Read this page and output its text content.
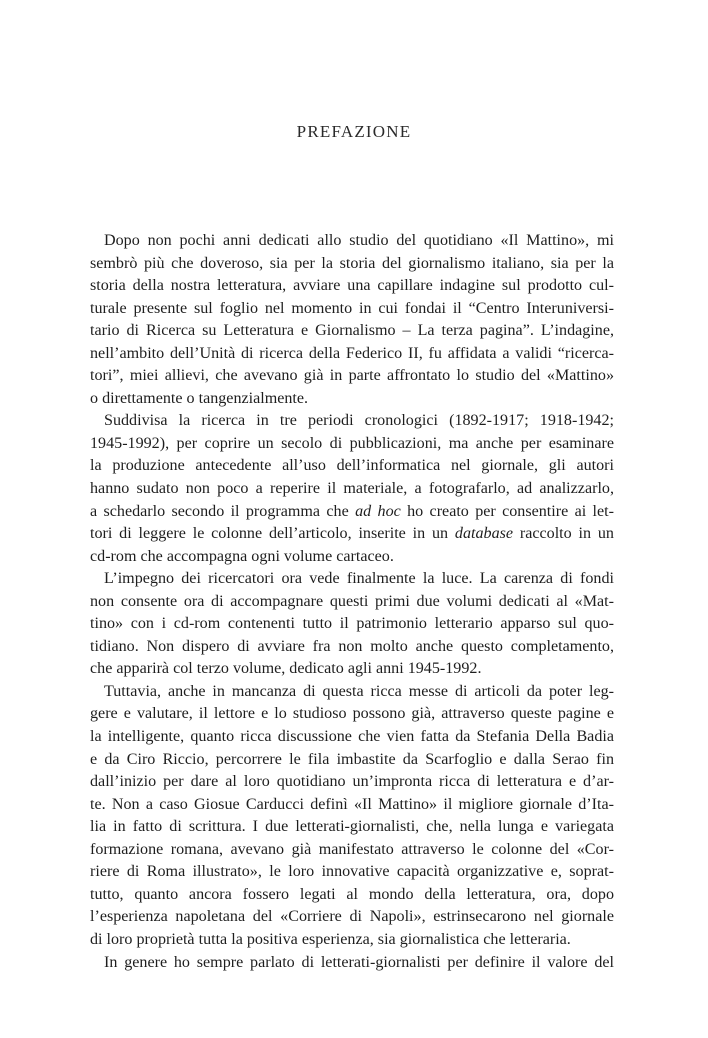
PREFAZIONE
Dopo non pochi anni dedicati allo studio del quotidiano «Il Mattino», mi
sembrò più che doveroso, sia per la storia del giornalismo italiano, sia per la
storia della nostra letteratura, avviare una capillare indagine sul prodotto cul-
turale presente sul foglio nel momento in cui fondai il “Centro Interuniversi-
tario di Ricerca su Letteratura e Giornalismo – La terza pagina”. L’indagine,
nell’ambito dell’Unità di ricerca della Federico II, fu affidata a validi “ricerca-
tori”, miei allievi, che avevano già in parte affrontato lo studio del «Mattino»
o direttamente o tangenzialmente.
Suddivisa la ricerca in tre periodi cronologici (1892-1917; 1918-1942;
1945-1992), per coprire un secolo di pubblicazioni, ma anche per esaminare
la produzione antecedente all’uso dell’informatica nel giornale, gli autori
hanno sudato non poco a reperire il materiale, a fotografarlo, ad analizzarlo,
a schedarlo secondo il programma che ad hoc ho creato per consentire ai let-
tori di leggere le colonne dell’articolo, inserite in un database raccolto in un
cd-rom che accompagna ogni volume cartaceo.
L’impegno dei ricercatori ora vede finalmente la luce. La carenza di fondi
non consente ora di accompagnare questi primi due volumi dedicati al «Mat-
tino» con i cd-rom contenenti tutto il patrimonio letterario apparso sul quo-
tidiano. Non dispero di avviare fra non molto anche questo completamento,
che apparirà col terzo volume, dedicato agli anni 1945-1992.
Tuttavia, anche in mancanza di questa ricca messe di articoli da poter leg-
gere e valutare, il lettore e lo studioso possono già, attraverso queste pagine e
la intelligente, quanto ricca discussione che vien fatta da Stefania Della Badia
e da Ciro Riccio, percorrere le fila imbastite da Scarfoglio e dalla Serao fin
dall’inizio per dare al loro quotidiano un’impronta ricca di letteratura e d’ar-
te. Non a caso Giosue Carducci definì «Il Mattino» il migliore giornale d’Ita-
lia in fatto di scrittura. I due letterati-giornalisti, che, nella lunga e variegata
formazione romana, avevano già manifestato attraverso le colonne del «Cor-
riere di Roma illustrato», le loro innovative capacità organizzative e, soprat-
tutto, quanto ancora fossero legati al mondo della letteratura, ora, dopo
l’esperienza napoletana del «Corriere di Napoli», estrinsecarono nel giornale
di loro proprietà tutta la positiva esperienza, sia giornalistica che letteraria.
In genere ho sempre parlato di letterati-giornalisti per definire il valore del
